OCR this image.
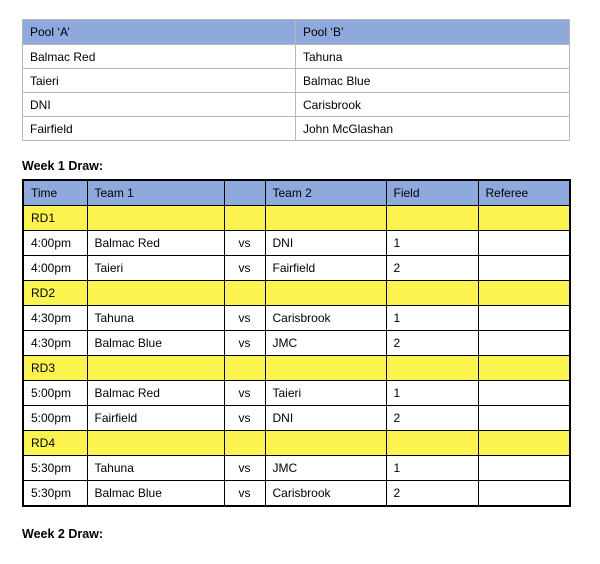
Pool ‘A’	Pool ‘B’
Balmac Red	Tahuna
Taieri	Balmac Blue
DNI	Carisbrook
Fairfield	John McGlashan

Week 1 Draw:

Time	Team 1		Team 2	Field	Referee
RD1					
4:00pm	Balmac Red	vs	DNI	1	
4:00pm	Taieri	vs	Fairfield	2	
RD2					
4:30pm	Tahuna	vs	Carisbrook	1	
4:30pm	Balmac Blue	vs	JMC	2	
RD3					
5:00pm	Balmac Red	vs	Taieri	1	
5:00pm	Fairfield	vs	DNI	2	
RD4					
5:30pm	Tahuna	vs	JMC	1	
5:30pm	Balmac Blue	vs	Carisbrook	2	

Week 2 Draw:
